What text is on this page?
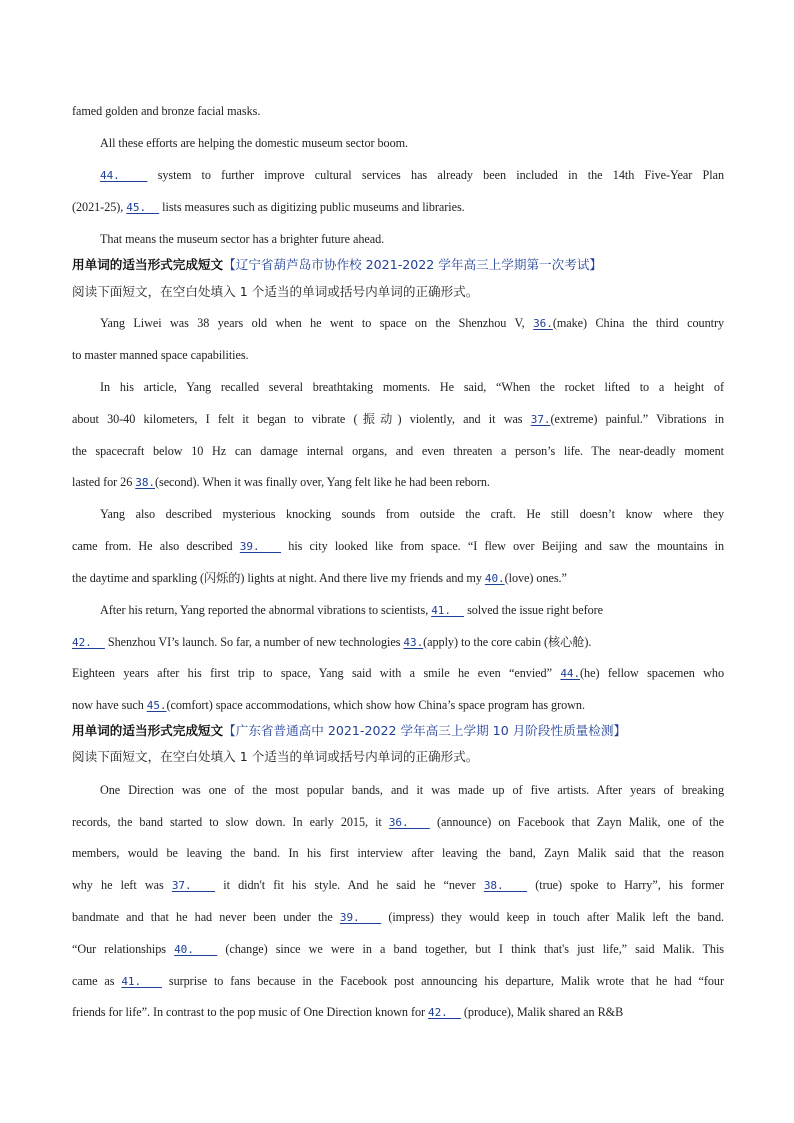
famed golden and bronze facial masks.
All these efforts are helping the domestic museum sector boom.
44.   system to further improve cultural services has already been included in the 14th Five-Year Plan
(2021-25), 45.   lists measures such as digitizing public museums and libraries.
That means the museum sector has a brighter future ahead.
用单词的适当形式完成短文【辽宁省葫芦岛市协作校 2021-2022 学年高三上学期第一次考试】
阅读下面短文，在空白处填入 1 个适当的单词或括号内单词的正确形式。
Yang Liwei was 38 years old when he went to space on the Shenzhou V, 36.(make) China the third country
to master manned space capabilities.
In his article, Yang recalled several breathtaking moments. He said, “When the rocket lifted to a height of
about 30-40 kilometers, I felt it began to vibrate (振动) violently, and it was 37.(extreme) painful.” Vibrations in
the spacecraft below 10 Hz can damage internal organs, and even threaten a person’s life. The near-deadly moment
lasted for 26 38.(second). When it was finally over, Yang felt like he had been reborn.
Yang also described mysterious knocking sounds from outside the craft. He still doesn’t know where they
came from. He also described 39.   his city looked like from space. “I flew over Beijing and saw the mountains in
the daytime and sparkling (闪烁的) lights at night. And there live my friends and my 40.(love) ones.”
After his return, Yang reported the abnormal vibrations to scientists, 41.   solved the issue right before
42.   Shenzhou VI’s launch. So far, a number of new technologies 43.(apply) to the core cabin (核心舱).
Eighteen years after his first trip to space, Yang said with a smile he even “envied” 44.(he) fellow spacemen who
now have such 45.(comfort) space accommodations, which show how China’s space program has grown.
用单词的适当形式完成短文【广东省普通高中 2021-2022 学年高三上学期 10 月阶段性质量检测】
阅读下面短文，在空白处填入 1 个适当的单词或括号内单词的正确形式。
One Direction was one of the most popular bands, and it was made up of five artists. After years of breaking
records, the band started to slow down. In early 2015, it 36.   (announce) on Facebook that Zayn Malik, one of the
members, would be leaving the band. In his first interview after leaving the band, Zayn Malik said that the reason
why he left was 37.   it didn't fit his style. And he said he “never 38.   (true) spoke to Harry”, his former
bandmate and that he had never been under the 39.   (impress) they would keep in touch after Malik left the band.
“Our relationships 40.   (change) since we were in a band together, but I think that's just life,” said Malik. This
came as 41.   surprise to fans because in the Facebook post announcing his departure, Malik wrote that he had “four
friends for life”. In contrast to the pop music of One Direction known for 42.   (produce), Malik shared an R&B
